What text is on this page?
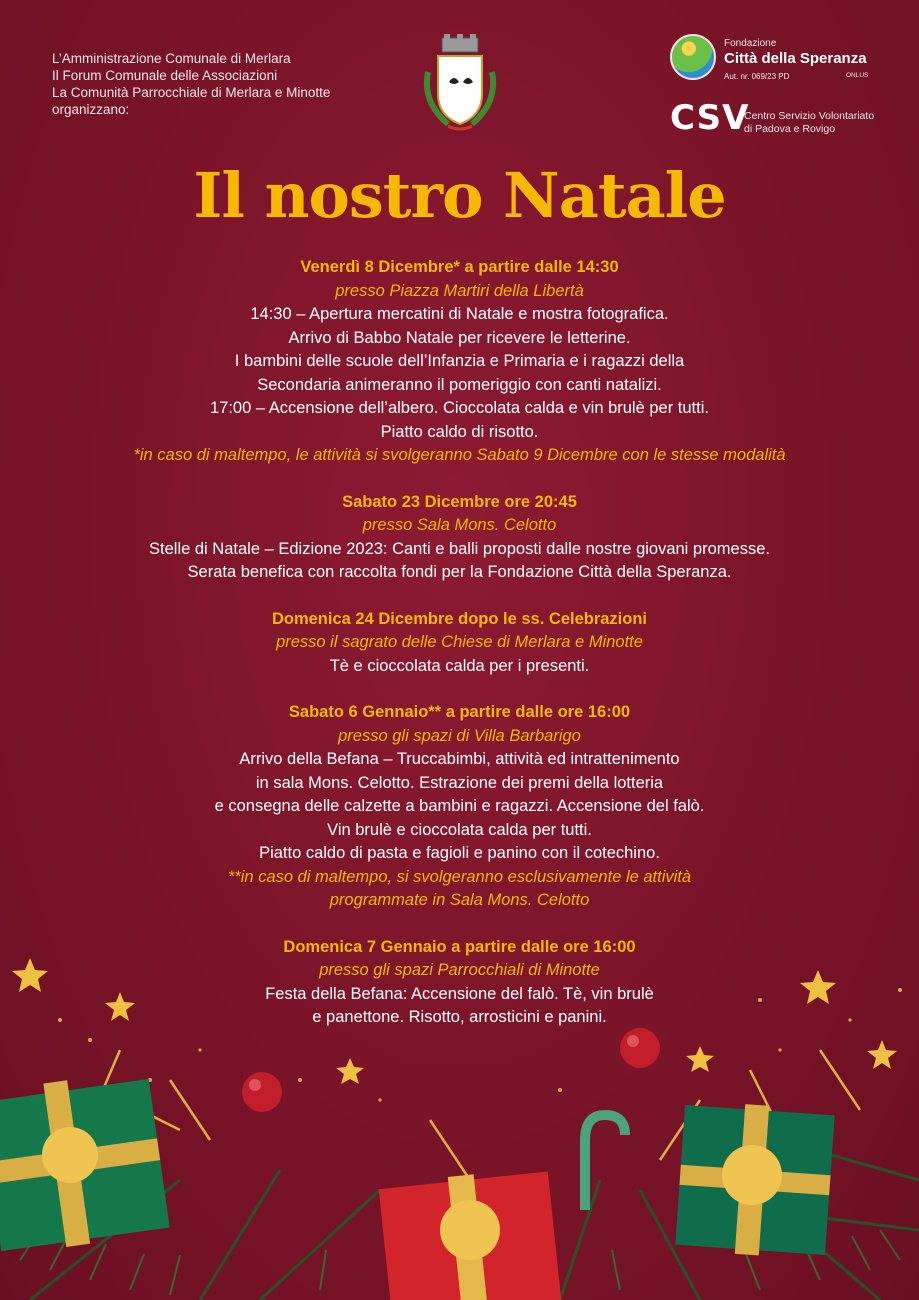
L’Amministrazione Comunale di Merlara
Il Forum Comunale delle Associazioni
La Comunità Parrocchiale di Merlara e Minotte
organizzano:
Fondazione
Città della Speranza
Aut. nr. 069/23 PD	ONLUS
CSV
Centro Servizio Volontariato
di Padova e Rovigo
Il nostro Natale
Venerdì 8 Dicembre* a partire dalle 14:30
presso Piazza Martiri della Libertà
14:30 – Apertura mercatini di Natale e mostra fotografica.
Arrivo di Babbo Natale per ricevere le letterine.
I bambini delle scuole dell’Infanzia e Primaria e i ragazzi della
Secondaria animeranno il pomeriggio con canti natalizi.
17:00 – Accensione dell’albero. Cioccolata calda e vin brulè per tutti.
Piatto caldo di risotto.
*in caso di maltempo, le attività si svolgeranno Sabato 9 Dicembre con le stesse modalità
Sabato 23 Dicembre ore 20:45
presso Sala Mons. Celotto
Stelle di Natale – Edizione 2023: Canti e balli proposti dalle nostre giovani promesse.
Serata benefica con raccolta fondi per la Fondazione Città della Speranza.
Domenica 24 Dicembre dopo le ss. Celebrazioni
presso il sagrato delle Chiese di Merlara e Minotte
Tè e cioccolata calda per i presenti.
Sabato 6 Gennaio** a partire dalle ore 16:00
presso gli spazi di Villa Barbarigo
Arrivo della Befana – Truccabimbi, attività ed intrattenimento
in sala Mons. Celotto. Estrazione dei premi della lotteria
e consegna delle calzette a bambini e ragazzi. Accensione del falò.
Vin brulè e cioccolata calda per tutti.
Piatto caldo di pasta e fagioli e panino con il cotechino.
**in caso di maltempo, si svolgeranno esclusivamente le attività
programmate in Sala Mons. Celotto
Domenica 7 Gennaio a partire dalle ore 16:00
presso gli spazi Parrocchiali di Minotte
Festa della Befana: Accensione del falò. Tè, vin brulè
e panettone. Risotto, arrosticini e panini.
